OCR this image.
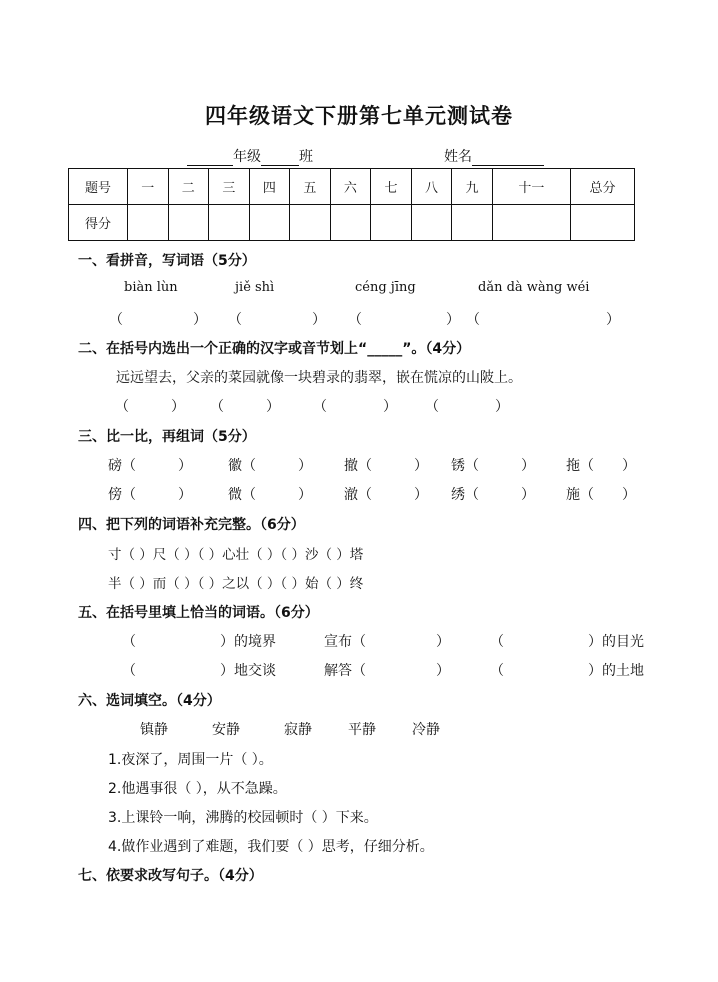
四年级语文下册第七单元测试卷
年级	班	姓名
题号	一	二	三	四	五	六	七	八	九	十一	总分
得分											
一、看拼音，写词语（5分）
biàn lùn	jiě shì	céng jīng	dǎn dà wàng wéi
（　　　　　） （　　　　　） （　　　　　　） （　　　　　　　　　）
二、在括号内选出一个正确的汉字或音节划上“_____”。（4分）
远远望去，父亲的菜园就像一块碧录的翡翠，嵌在慌凉的山陂上。
（　　　） （　　　） （　　　　） （　　　　）
三、比一比，再组词（5分）
磅（　　　）	徽（　　　） 撤（　　　） 锈（　　　） 拖（　　）
傍（　　　）	微（　　　） 澈（　　　） 绣（　　　） 施（　　）
四、把下列的词语补充完整。（6分）
寸（ ）尺（ ）（ ）心壮（ ）（ ）沙（ ）塔
半（ ）而（ ）（ ）之以（ ）（ ）始（ ）终
五、在括号里填上恰当的词语。（6分）
（　　　　　　）的境界	宣布（　　　　　）	（　　　　　　）的目光
（　　　　　　）地交谈	解答（　　　　　）	（　　　　　　）的土地
六、选词填空。（4分）
镇静	安静	寂静	平静	冷静
1.夜深了，周围一片（ ）。
2.他遇事很（ ），从不急躁。
3.上课铃一响，沸腾的校园顿时（ ）下来。
4.做作业遇到了难题，我们要（ ）思考，仔细分析。
七、依要求改写句子。（4分）
